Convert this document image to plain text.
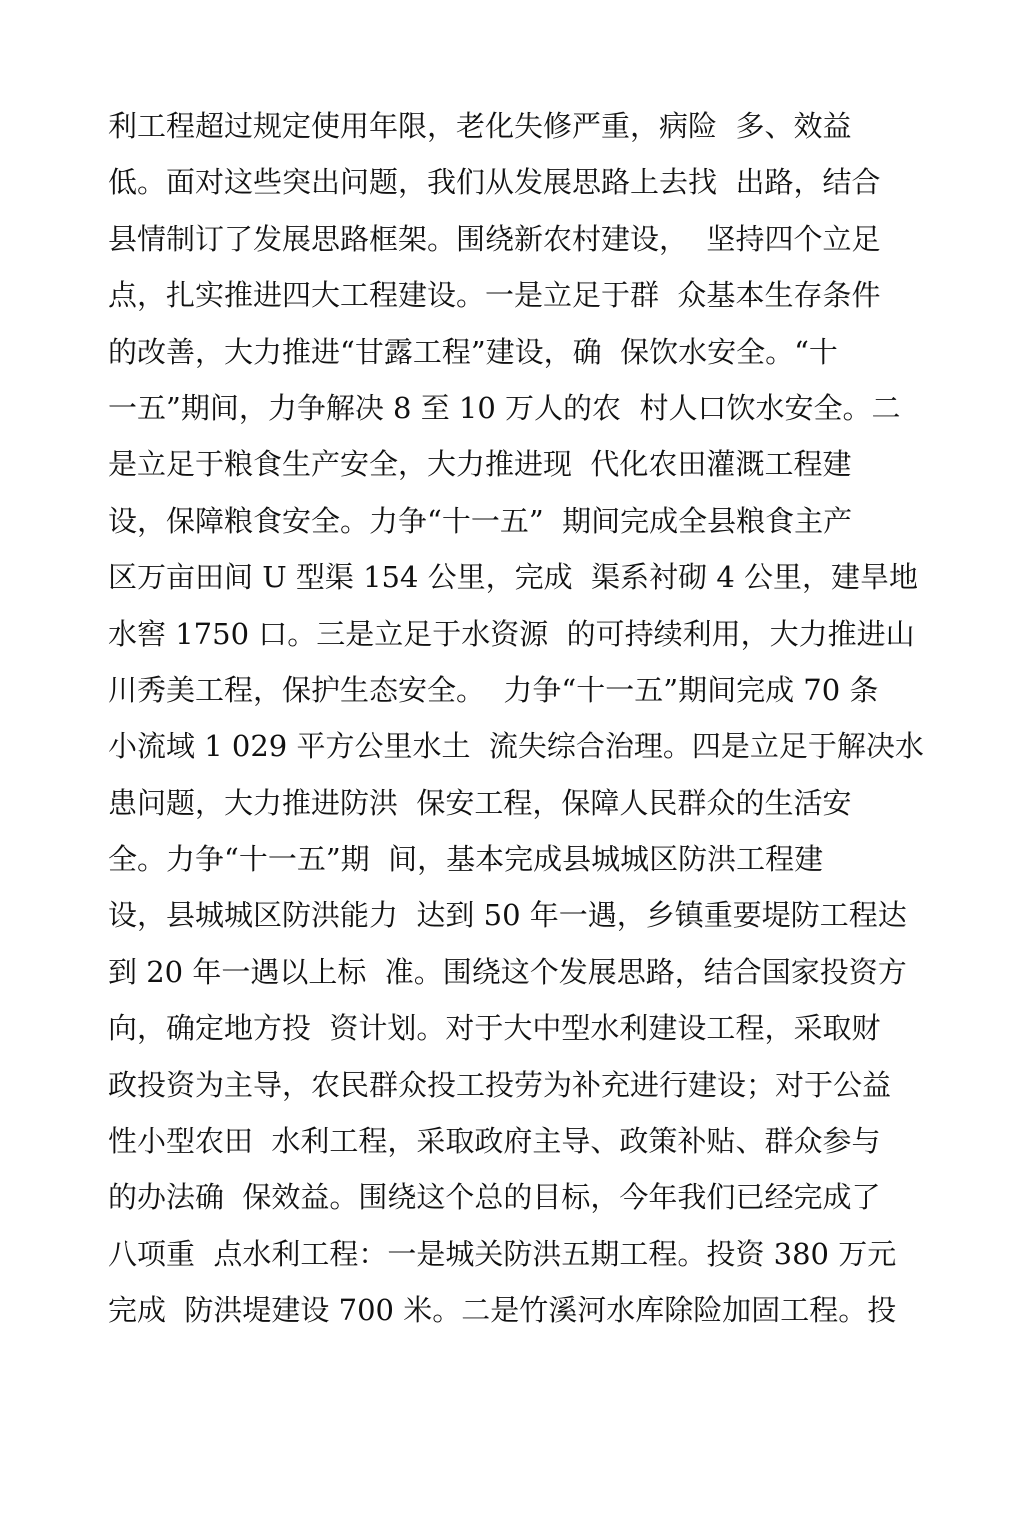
利工程超过规定使用年限，老化失修严重，病险  多、效益
低。面对这些突出问题，我们从发展思路上去找  出路，结合
县情制订了发展思路框架。围绕新农村建设，  坚持四个立足
点，扎实推进四大工程建设。一是立足于群  众基本生存条件
的改善，大力推进“甘露工程”建设，确  保饮水安全。“十
一五”期间，力争解决 8 至 10 万人的农  村人口饮水安全。二
是立足于粮食生产安全，大力推进现  代化农田灌溉工程建
设，保障粮食安全。力争“十一五”  期间完成全县粮食主产
区万亩田间 U 型渠 154 公里，完成  渠系衬砌 4 公里，建旱地
水窖 1750 口。三是立足于水资源  的可持续利用，大力推进山
川秀美工程，保护生态安全。  力争“十一五”期间完成 70 条
小流域 1 029 平方公里水土  流失综合治理。四是立足于解决水
患问题，大力推进防洪  保安工程，保障人民群众的生活安
全。力争“十一五”期  间，基本完成县城城区防洪工程建
设，县城城区防洪能力  达到 50 年一遇，乡镇重要堤防工程达
到 20 年一遇以上标  准。围绕这个发展思路，结合国家投资方
向，确定地方投  资计划。对于大中型水利建设工程，采取财
政投资为主导，农民群众投工投劳为补充进行建设；对于公益
性小型农田  水利工程，采取政府主导、政策补贴、群众参与
的办法确  保效益。围绕这个总的目标，今年我们已经完成了
八项重  点水利工程：一是城关防洪五期工程。投资 380 万元
完成  防洪堤建设 700 米。二是竹溪河水库除险加固工程。投
